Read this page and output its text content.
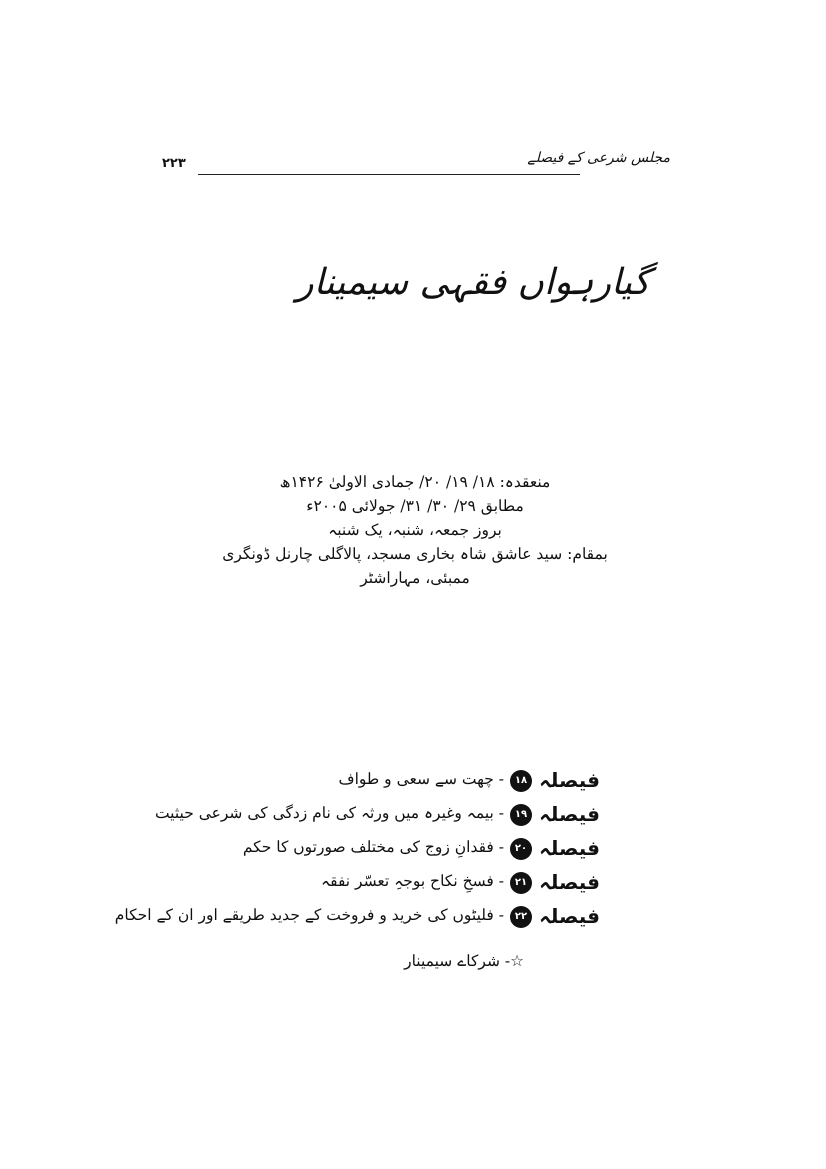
مجلس شرعی کے فیصلے
۲۲۳
گیارہواں فقہی سیمینار
منعقدہ: ۱۸/ ۱۹/ ۲۰/ جمادی الاولیٰ ۱۴۲۶ھ
مطابق ۲۹/ ۳۰/ ۳۱/ جولائی ۲۰۰۵ء
بروز جمعہ، شنبہ، یک شنبہ
بمقام: سید عاشق شاہ بخاری مسجد، پالاگلی چارنل ڈونگری
ممبئی، مہاراشٹر
فیصلہ
۱۸
- چھت سے سعی و طواف
فیصلہ
۱۹
- بیمہ وغیرہ میں ورثہ کی نام زدگی کی شرعی حیثیت
فیصلہ
۲۰
- فقدانِ زوج کی مختلف صورتوں کا حکم
فیصلہ
۲۱
- فسخِ نکاح بوجہِ تعسّر نفقہ
فیصلہ
۲۲
- فلیٹوں کی خرید و فروخت کے جدید طریقے اور ان کے احکام
☆- شرکاے سیمینار
